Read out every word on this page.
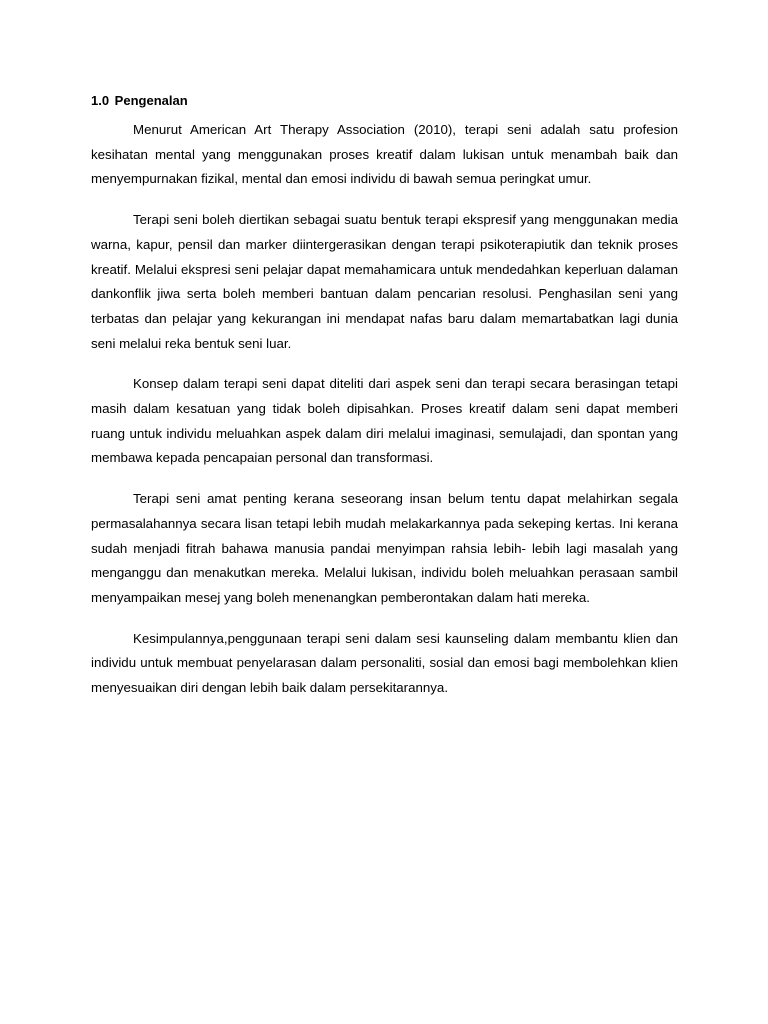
1.0 Pengenalan

Menurut American Art Therapy Association (2010), terapi seni adalah satu profesion kesihatan mental yang menggunakan proses kreatif dalam lukisan untuk menambah baik dan menyempurnakan fizikal, mental dan emosi individu di bawah semua peringkat umur.

Terapi seni boleh diertikan sebagai suatu bentuk terapi ekspresif yang menggunakan media warna, kapur, pensil dan marker diintergerasikan dengan terapi psikoterapiutik dan teknik proses kreatif. Melalui ekspresi seni pelajar dapat memahamicara untuk mendedahkan keperluan dalaman dankonflik jiwa serta boleh memberi bantuan dalam pencarian resolusi. Penghasilan seni yang terbatas dan pelajar yang kekurangan ini mendapat nafas baru dalam memartabatkan lagi dunia seni melalui reka bentuk seni luar.

Konsep dalam terapi seni dapat diteliti dari aspek seni dan terapi secara berasingan tetapi masih dalam kesatuan yang tidak boleh dipisahkan. Proses kreatif dalam seni dapat memberi ruang untuk individu meluahkan aspek dalam diri melalui imaginasi, semulajadi, dan spontan yang membawa kepada pencapaian personal dan transformasi.

Terapi seni amat penting kerana seseorang insan belum tentu dapat melahirkan segala permasalahannya secara lisan tetapi lebih mudah melakarkannya pada sekeping kertas. Ini kerana sudah menjadi fitrah bahawa manusia pandai menyimpan rahsia lebih- lebih lagi masalah yang menganggu dan menakutkan mereka. Melalui lukisan, individu boleh meluahkan perasaan sambil menyampaikan mesej yang boleh menenangkan pemberontakan dalam hati mereka.

Kesimpulannya,penggunaan terapi seni dalam sesi kaunseling dalam membantu klien dan individu untuk membuat penyelarasan dalam personaliti, sosial dan emosi bagi membolehkan klien menyesuaikan diri dengan lebih baik dalam persekitarannya.
